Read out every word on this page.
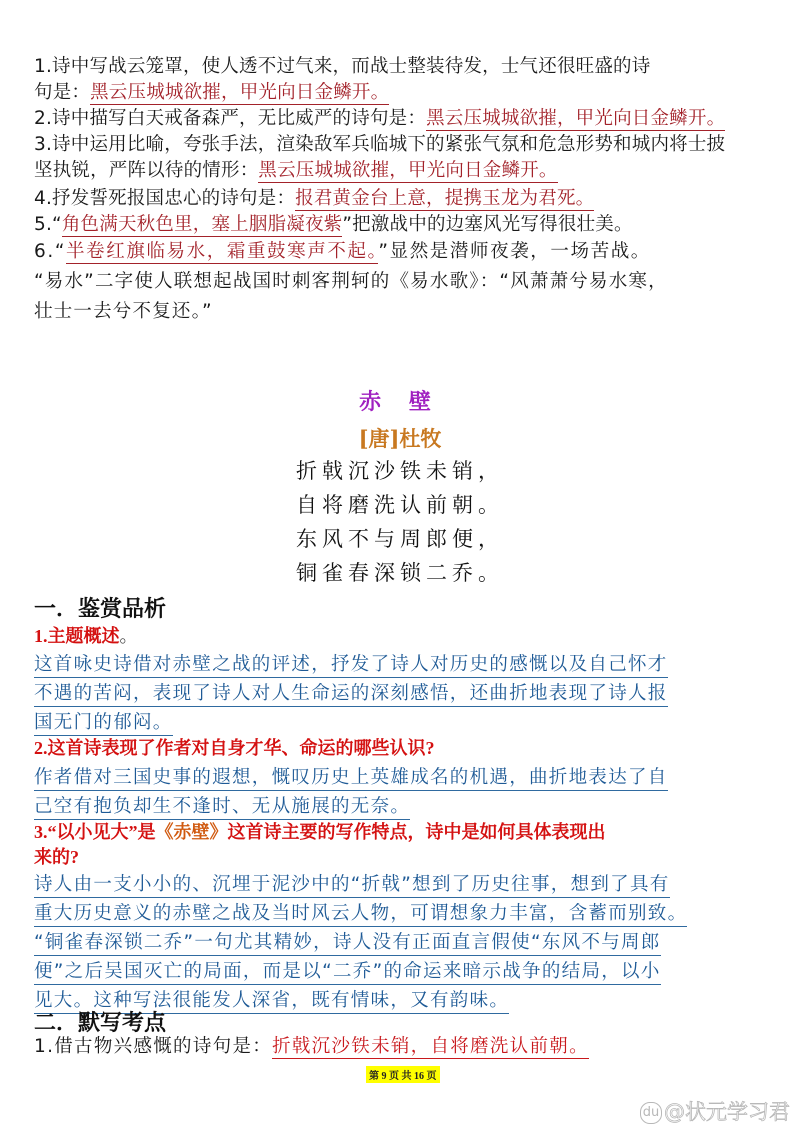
1.诗中写战云笼罩，使人透不过气来，而战士整装待发，士气还很旺盛的诗
句是：黑云压城城欲摧，甲光向日金鳞开。
2.诗中描写白天戒备森严，无比威严的诗句是：黑云压城城欲摧，甲光向日金鳞开。
3.诗中运用比喻，夸张手法，渲染敌军兵临城下的紧张气氛和危急形势和城内将士披
坚执锐，严阵以待的情形：黑云压城城欲摧，甲光向日金鳞开。
4.抒发誓死报国忠心的诗句是：报君黄金台上意，提携玉龙为君死。
5.“角色满天秋色里，塞上胭脂凝夜紫”把激战中的边塞风光写得很壮美。
6.“半卷红旗临易水，霜重鼓寒声不起。”显然是潜师夜袭，一场苦战。
“易水”二字使人联想起战国时刺客荆轲的《易水歌》：“风萧萧兮易水寒，
壮士一去兮不复还。”
赤 壁
[唐]杜牧
折戟沉沙铁未销，
自将磨洗认前朝。
东风不与周郎便，
铜雀春深锁二乔。
一．鉴赏品析
1.主题概述。
这首咏史诗借对赤壁之战的评述，抒发了诗人对历史的感慨以及自己怀才
不遇的苦闷，表现了诗人对人生命运的深刻感悟，还曲折地表现了诗人报
国无门的郁闷。
2.这首诗表现了作者对自身才华、命运的哪些认识?
作者借对三国史事的遐想，慨叹历史上英雄成名的机遇，曲折地表达了自
己空有抱负却生不逢时、无从施展的无奈。
3.“以小见大”是《赤壁》这首诗主要的写作特点，诗中是如何具体表现出
来的?
诗人由一支小小的、沉埋于泥沙中的“折戟”想到了历史往事，想到了具有
重大历史意义的赤壁之战及当时风云人物，可谓想象力丰富，含蓄而别致。
“铜雀春深锁二乔”一句尤其精妙，诗人没有正面直言假使“东风不与周郎
便”之后吴国灭亡的局面，而是以“二乔”的命运来暗示战争的结局，以小
见大。这种写法很能发人深省，既有情味，又有韵味。
二．默写考点
1.借古物兴感慨的诗句是：折戟沉沙铁未销，自将磨洗认前朝。
第 9 页 共 16 页
du @状元学习君
